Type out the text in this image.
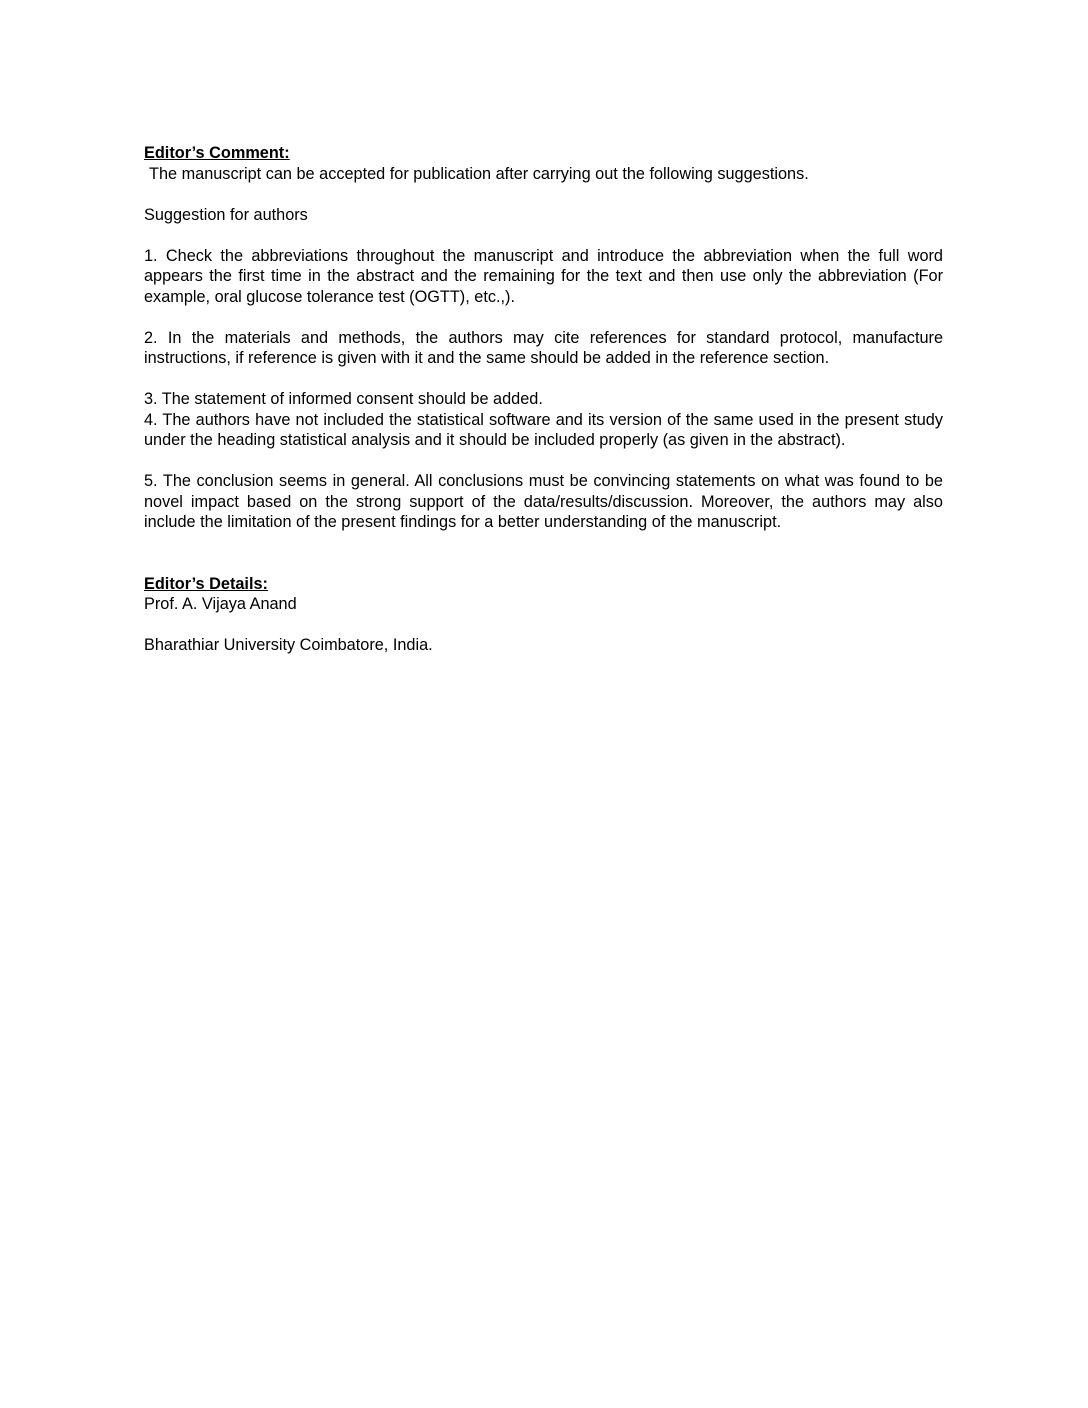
Editor’s Comment:
The manuscript can be accepted for publication after carrying out the following suggestions.
Suggestion for authors
1. Check the abbreviations throughout the manuscript and introduce the abbreviation when the full word appears the first time in the abstract and the remaining for the text and then use only the abbreviation (For example, oral glucose tolerance test (OGTT), etc.,).
2. In the materials and methods, the authors may cite references for standard protocol, manufacture instructions, if reference is given with it and the same should be added in the reference section.
3. The statement of informed consent should be added.
4. The authors have not included the statistical software and its version of the same used in the present study under the heading statistical analysis and it should be included properly (as given in the abstract).
5. The conclusion seems in general. All conclusions must be convincing statements on what was found to be novel impact based on the strong support of the data/results/discussion. Moreover, the authors may also include the limitation of the present findings for a better understanding of the manuscript.
Editor’s Details:
Prof. A. Vijaya Anand
Bharathiar University Coimbatore, India.
